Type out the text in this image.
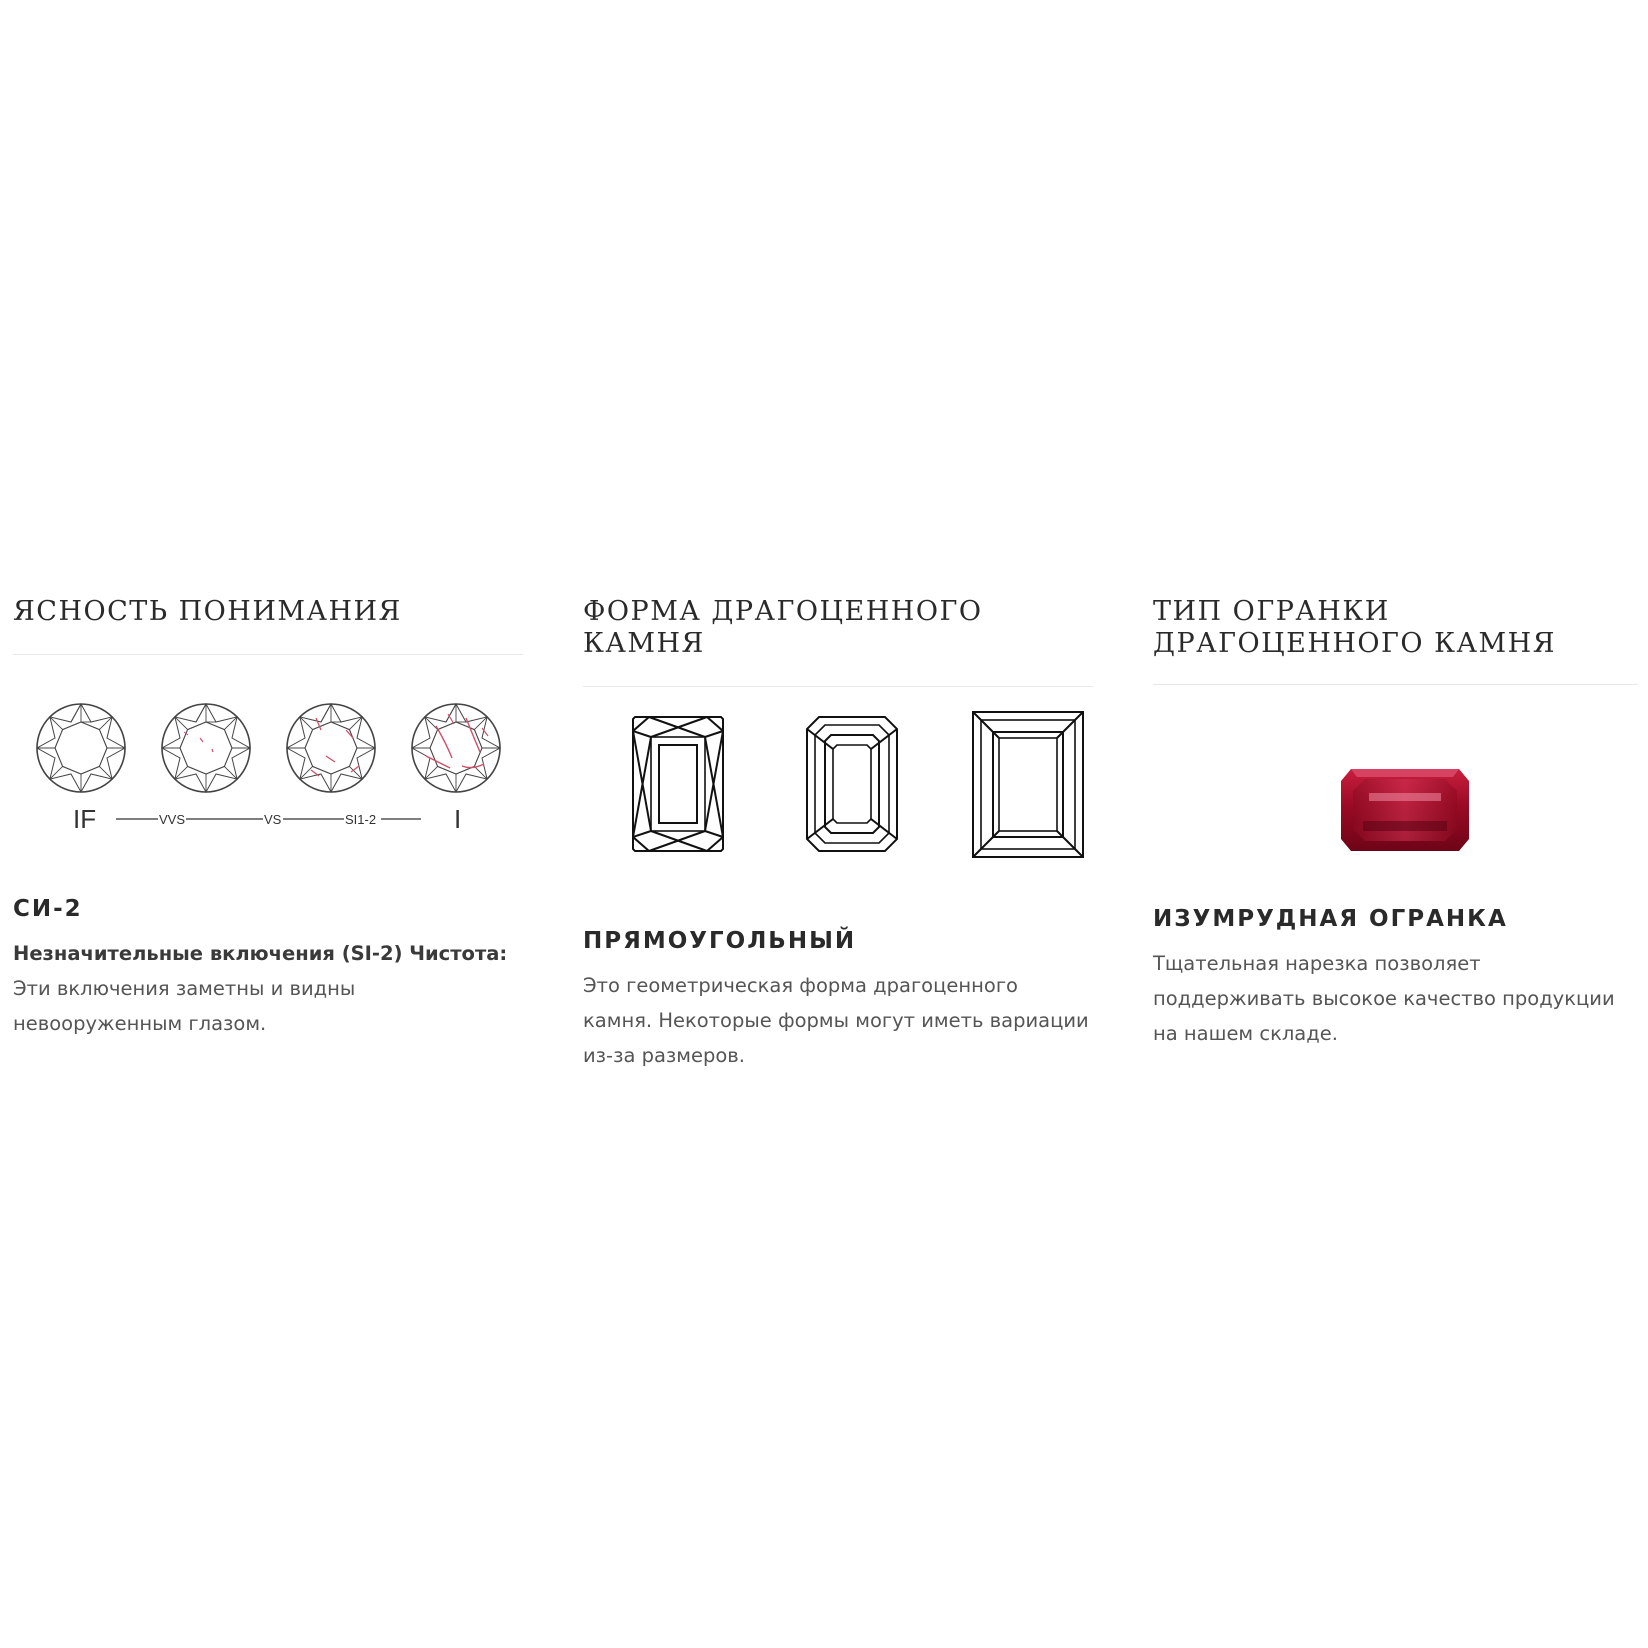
ЯСНОСТЬ ПОНИМАНИЯ
IF	VVS	VS	SI1-2	I
СИ-2
Незначительные включения (SI-2) Чистота: Эти включения заметны и видны невооруженным глазом.
ФОРМА ДРАГОЦЕННОГО КАМНЯ
ПРЯМОУГОЛЬНЫЙ
Это геометрическая форма драгоценного камня. Некоторые формы могут иметь вариации из-за размеров.
ТИП ОГРАНКИ ДРАГОЦЕННОГО КАМНЯ
ИЗУМРУДНАЯ ОГРАНКА
Тщательная нарезка позволяет поддерживать высокое качество продукции на нашем складе.
